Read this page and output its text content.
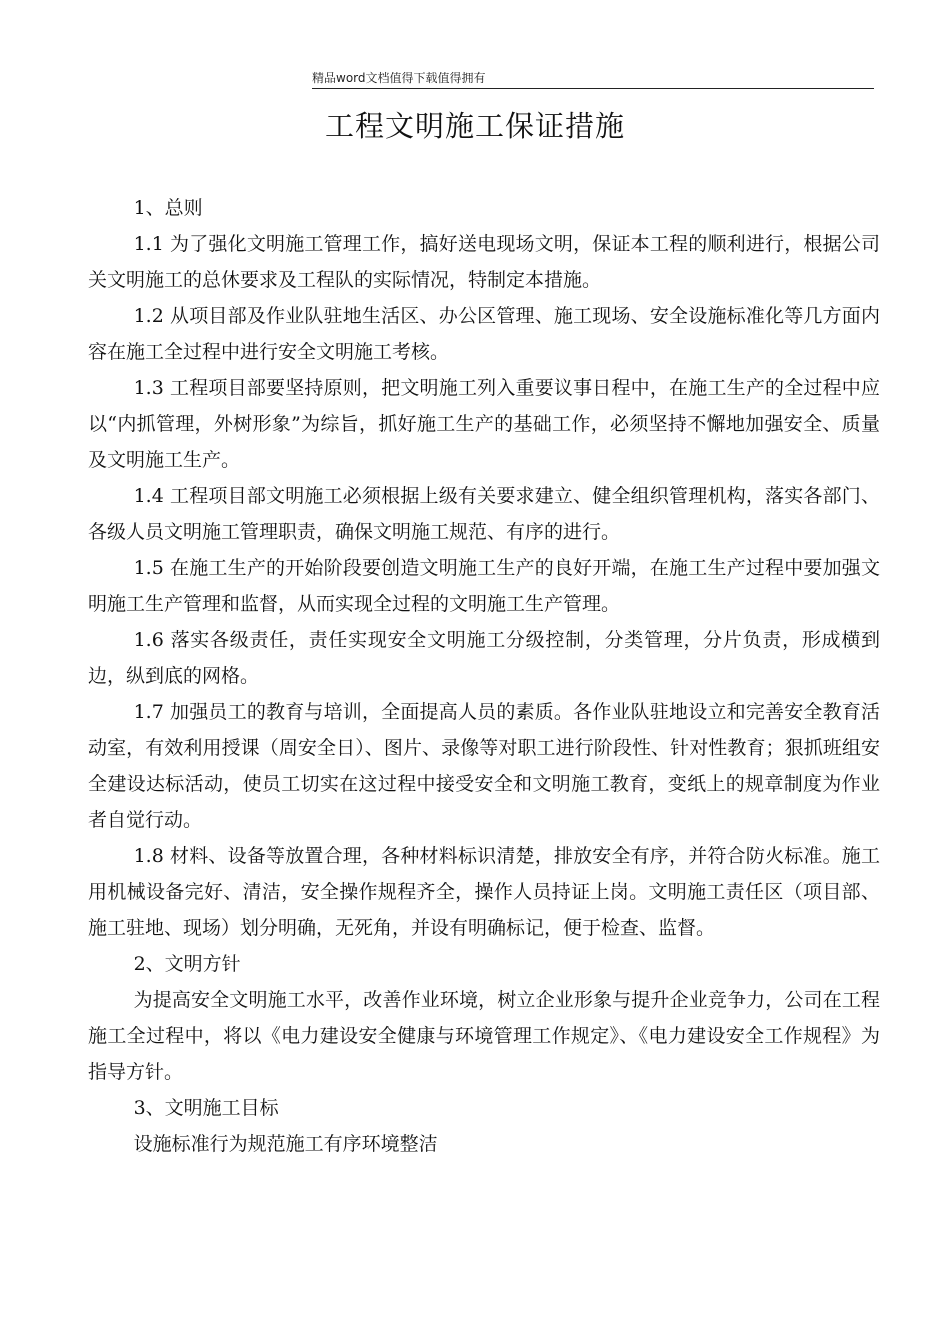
精品word文档值得下载值得拥有
工程文明施工保证措施

1、总则

1.1 为了强化文明施工管理工作，搞好送电现场文明，保证本工程的顺利进行，根据公司关文明施工的总休要求及工程队的实际情况，特制定本措施。

1.2 从项目部及作业队驻地生活区、办公区管理、施工现场、安全设施标准化等几方面内容在施工全过程中进行安全文明施工考核。

1.3 工程项目部要坚持原则，把文明施工列入重要议事日程中，在施工生产的全过程中应以“内抓管理，外树形象”为综旨，抓好施工生产的基础工作，必须坚持不懈地加强安全、质量及文明施工生产。

1.4 工程项目部文明施工必须根据上级有关要求建立、健全组织管理机构，落实各部门、各级人员文明施工管理职责，确保文明施工规范、有序的进行。

1.5 在施工生产的开始阶段要创造文明施工生产的良好开端，在施工生产过程中要加强文明施工生产管理和监督，从而实现全过程的文明施工生产管理。

1.6 落实各级责任，责任实现安全文明施工分级控制，分类管理，分片负责，形成横到边，纵到底的网格。

1.7 加强员工的教育与培训，全面提高人员的素质。各作业队驻地设立和完善安全教育活动室，有效利用授课（周安全日）、图片、录像等对职工进行阶段性、针对性教育；狠抓班组安全建设达标活动，使员工切实在这过程中接受安全和文明施工教育，变纸上的规章制度为作业者自觉行动。

1.8 材料、设备等放置合理，各种材料标识清楚，排放安全有序，并符合防火标准。施工用机械设备完好、清洁，安全操作规程齐全，操作人员持证上岗。文明施工责任区（项目部、施工驻地、现场）划分明确，无死角，并设有明确标记，便于检查、监督。

2、文明方针

为提高安全文明施工水平，改善作业环境，树立企业形象与提升企业竞争力，公司在工程施工全过程中，将以《电力建设安全健康与环境管理工作规定》、《电力建设安全工作规程》为指导方针。

3、文明施工目标

设施标准行为规范施工有序环境整洁
